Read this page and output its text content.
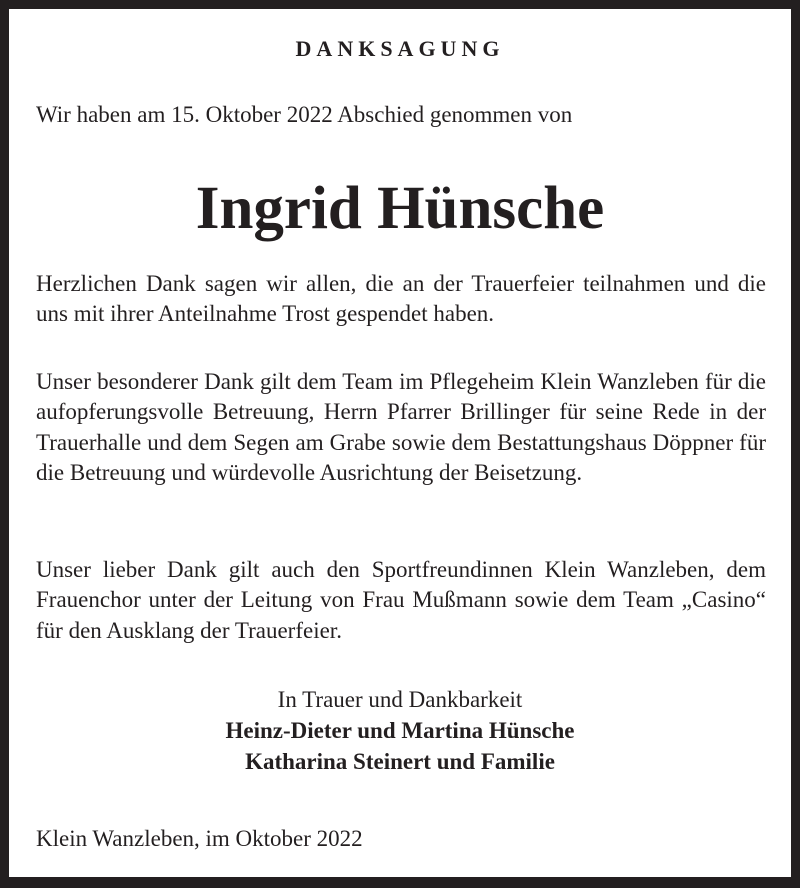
DANKSAGUNG
Wir haben am 15. Oktober 2022 Abschied genommen von
Ingrid Hünsche
Herzlichen Dank sagen wir allen, die an der Trauerfeier teilnahmen und die uns mit ihrer Anteilnahme Trost gespendet haben.
Unser besonderer Dank gilt dem Team im Pflegeheim Klein Wanzleben für die aufopferungsvolle Betreuung, Herrn Pfarrer Brillinger für seine Rede in der Trauerhalle und dem Segen am Grabe sowie dem Bestattungshaus Döppner für die Betreuung und würdevolle Ausrichtung der Beisetzung.
Unser lieber Dank gilt auch den Sportfreundinnen Klein Wanzleben, dem Frauenchor unter der Leitung von Frau Mußmann sowie dem Team „Casino“ für den Ausklang der Trauerfeier.
In Trauer und Dankbarkeit
Heinz-Dieter und Martina Hünsche
Katharina Steinert und Familie
Klein Wanzleben, im Oktober 2022
